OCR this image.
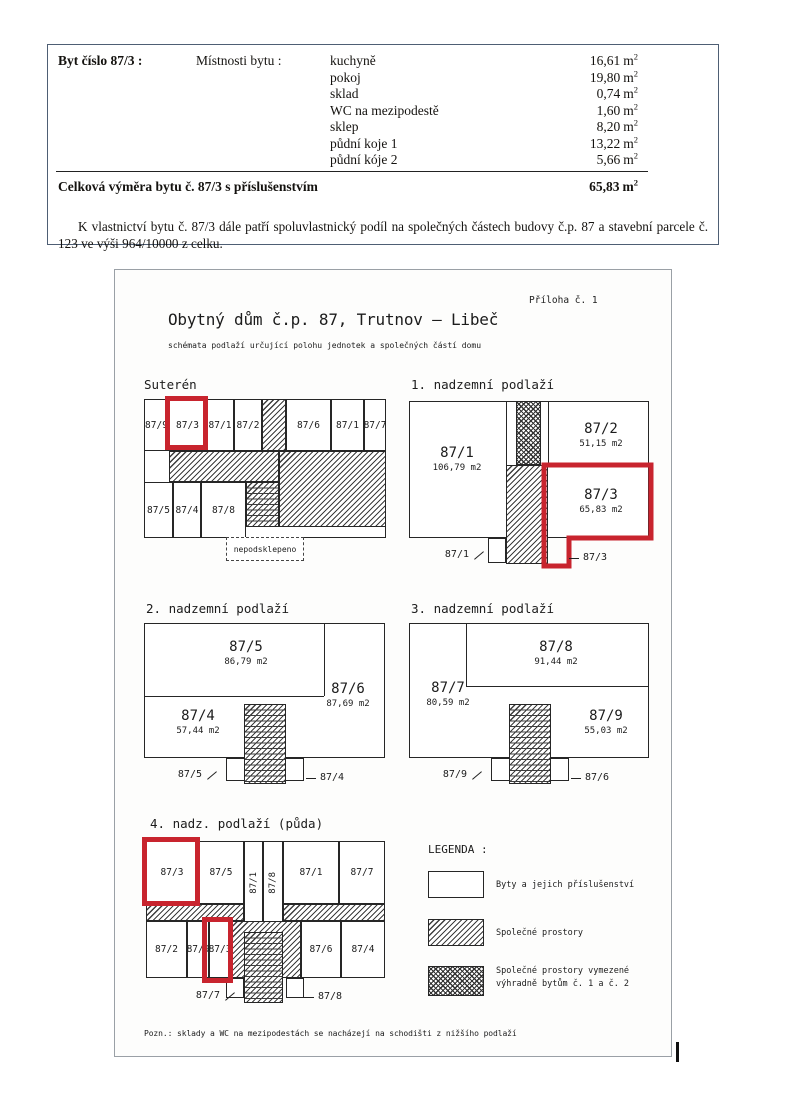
Byt číslo 87/3 :	Místnosti bytu :	kuchyně	16,61 $m^2$
pokoj	19,80 $m^2$
sklad	0,74 $m^2$
WC na mezipodestě	1,60 $m^2$
sklep	8,20 $m^2$
půdní koje 1	13,22 $m^2$
půdní kóje 2	5,66 $m^2$
Celková výměra bytu č. 87/3 s příslušenstvím	65,83 $m^2$

K vlastnictví bytu č. 87/3 dále patří spoluvlastnický podíl na společných částech budovy č.p. 87 a stavební parcele č. 123 ve výši 964/10000 z celku.

Příloha č. 1
Obytný dům č.p. 87, Trutnov – Libeč
schémata podlaží určující polohu jednotek a společných částí domu
Suterén
87/9 87/3	87/1 87/2	87/6	87/1 87/7
87/5 87/4	87/8
nepodsklepeno
1. nadzemní podlaží
87/1
106,79 m2
87/2
51,15 m2
87/3
65,83 m2
87/1	87/3
2. nadzemní podlaží
87/5
86,79 m2
87/6
87,69 m2
87/4
57,44 m2
87/5	87/4
3. nadzemní podlaží
87/8
91,44 m2
87/7
80,59 m2
87/9
55,03 m2
87/9	87/6
4. nadz. podlaží (půda)
87/3	87/5	87/1 87/8	87/1	87/7
87/2 87/9 87/3	87/6	87/4
87/7	87/8
LEGENDA :
Byty a jejich příslušenství
Společné prostory
Společné prostory vymezené výhradně bytům č. 1 a č. 2
Pozn.: sklady a WC na mezipodestách se nacházejí na schodišti z nižšího podlaží
